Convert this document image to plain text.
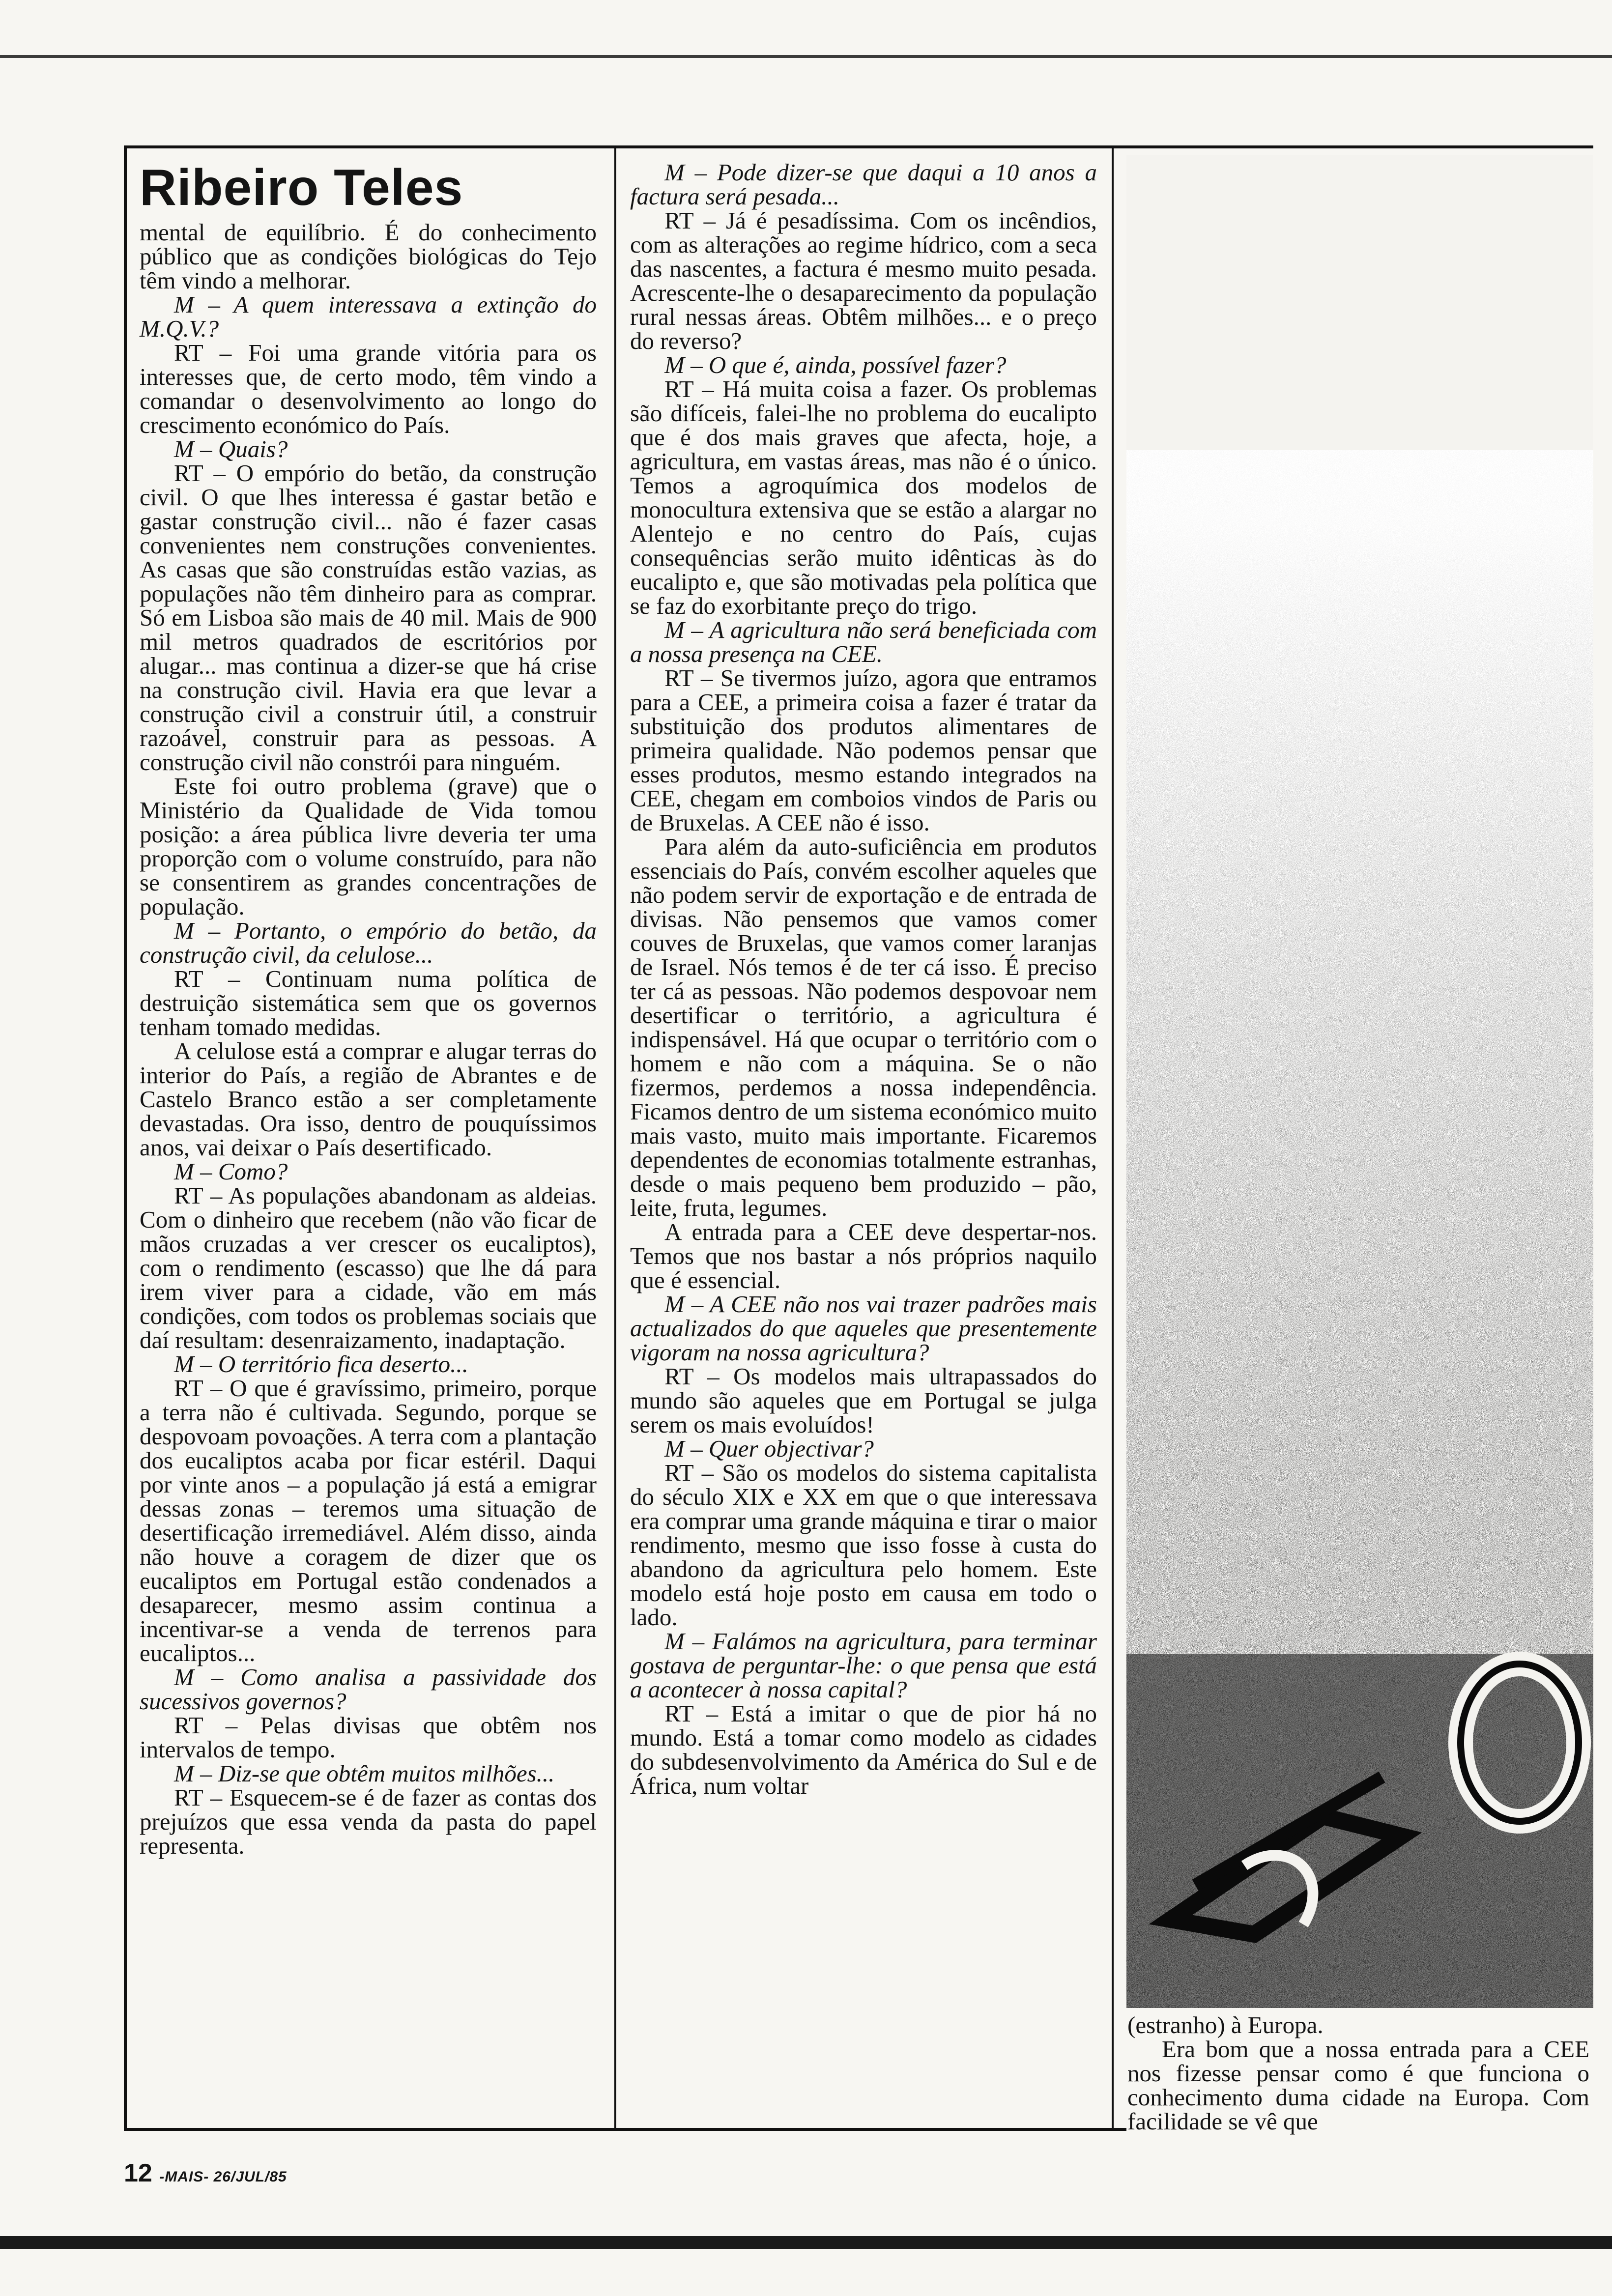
Ribeiro Teles

mental de equilíbrio. É do conhecimento público que as condições biológicas do Tejo têm vindo a melhorar.

M – A quem interessava a extinção do M.Q.V.?

RT – Foi uma grande vitória para os interesses que, de certo modo, têm vindo a comandar o desenvolvimento ao longo do crescimento económico do País.

M – Quais?

RT – O empório do betão, da construção civil. O que lhes interessa é gastar betão e gastar construção civil... não é fazer casas convenientes nem construções convenientes. As casas que são construídas estão vazias, as populações não têm dinheiro para as comprar. Só em Lisboa são mais de 40 mil. Mais de 900 mil metros quadrados de escritórios por alugar... mas continua a dizer-se que há crise na construção civil. Havia era que levar a construção civil a construir útil, a construir razoável, construir para as pessoas. A construção civil não constrói para ninguém.

Este foi outro problema (grave) que o Ministério da Qualidade de Vida tomou posição: a área pública livre deveria ter uma proporção com o volume construído, para não se consentirem as grandes concentrações de população.

M – Portanto, o empório do betão, da construção civil, da celulose...

RT – Continuam numa política de destruição sistemática sem que os governos tenham tomado medidas.

A celulose está a comprar e alugar terras do interior do País, a região de Abrantes e de Castelo Branco estão a ser completamente devastadas. Ora isso, dentro de pouquíssimos anos, vai deixar o País desertificado.

M – Como?

RT – As populações abandonam as aldeias. Com o dinheiro que recebem (não vão ficar de mãos cruzadas a ver crescer os eucaliptos), com o rendimento (escasso) que lhe dá para irem viver para a cidade, vão em más condições, com todos os problemas sociais que daí resultam: desenraizamento, inadaptação.

M – O território fica deserto...

RT – O que é gravíssimo, primeiro, porque a terra não é cultivada. Segundo, porque se despovoam povoações. A terra com a plantação dos eucaliptos acaba por ficar estéril. Daqui por vinte anos – a população já está a emigrar dessas zonas – teremos uma situação de desertificação irremediável. Além disso, ainda não houve a coragem de dizer que os eucaliptos em Portugal estão condenados a desaparecer, mesmo assim continua a incentivar-se a venda de terrenos para eucaliptos...

M – Como analisa a passividade dos sucessivos governos?

RT – Pelas divisas que obtêm nos intervalos de tempo.

M – Diz-se que obtêm muitos milhões...

RT – Esquecem-se é de fazer as contas dos prejuízos que essa venda da pasta do papel representa.

M – Pode dizer-se que daqui a 10 anos a factura será pesada...

RT – Já é pesadíssima. Com os incêndios, com as alterações ao regime hídrico, com a seca das nascentes, a factura é mesmo muito pesada. Acrescente-lhe o desaparecimento da população rural nessas áreas. Obtêm milhões... e o preço do reverso?

M – O que é, ainda, possível fazer?

RT – Há muita coisa a fazer. Os problemas são difíceis, falei-lhe no problema do eucalipto que é dos mais graves que afecta, hoje, a agricultura, em vastas áreas, mas não é o único. Temos a agroquímica dos modelos de monocultura extensiva que se estão a alargar no Alentejo e no centro do País, cujas consequências serão muito idênticas às do eucalipto e, que são motivadas pela política que se faz do exorbitante preço do trigo.

M – A agricultura não será beneficiada com a nossa presença na CEE.

RT – Se tivermos juízo, agora que entramos para a CEE, a primeira coisa a fazer é tratar da substituição dos produtos alimentares de primeira qualidade. Não podemos pensar que esses produtos, mesmo estando integrados na CEE, chegam em comboios vindos de Paris ou de Bruxelas. A CEE não é isso.

Para além da auto-suficiência em produtos essenciais do País, convém escolher aqueles que não podem servir de exportação e de entrada de divisas. Não pensemos que vamos comer couves de Bruxelas, que vamos comer laranjas de Israel. Nós temos é de ter cá isso. É preciso ter cá as pessoas. Não podemos despovoar nem desertificar o território, a agricultura é indispensável. Há que ocupar o território com o homem e não com a máquina. Se o não fizermos, perdemos a nossa independência. Ficamos dentro de um sistema económico muito mais vasto, muito mais importante. Ficaremos dependentes de economias totalmente estranhas, desde o mais pequeno bem produzido – pão, leite, fruta, legumes.

A entrada para a CEE deve despertar-nos. Temos que nos bastar a nós próprios naquilo que é essencial.

M – A CEE não nos vai trazer padrões mais actualizados do que aqueles que presentemente vigoram na nossa agricultura?

RT – Os modelos mais ultrapassados do mundo são aqueles que em Portugal se julga serem os mais evoluídos!

M – Quer objectivar?

RT – São os modelos do sistema capitalista do século XIX e XX em que o que interessava era comprar uma grande máquina e tirar o maior rendimento, mesmo que isso fosse à custa do abandono da agricultura pelo homem. Este modelo está hoje posto em causa em todo o lado.

M – Falámos na agricultura, para terminar gostava de perguntar-lhe: o que pensa que está a acontecer à nossa capital?

RT – Está a imitar o que de pior há no mundo. Está a tomar como modelo as cidades do subdesenvolvimento da América do Sul e de África, num voltar

(estranho) à Europa.

Era bom que a nossa entrada para a CEE nos fizesse pensar como é que funciona o conhecimento duma cidade na Europa. Com facilidade se vê que

12 -MAIS- 26/JUL/85
